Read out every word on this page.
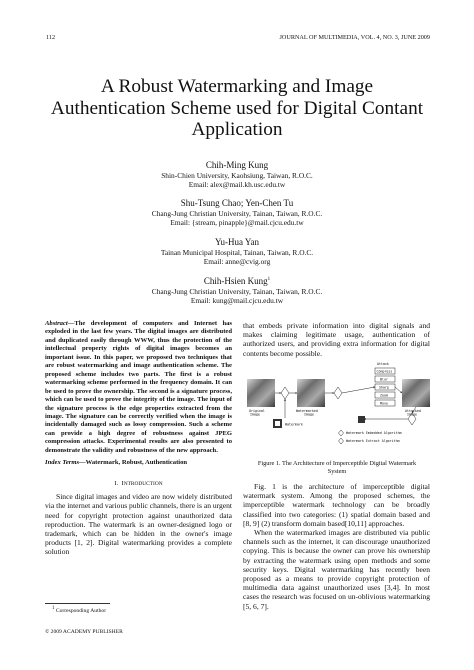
112	JOURNAL OF MULTIMEDIA, VOL. 4, NO. 3, JUNE 2009
A Robust Watermarking and Image
Authentication Scheme used for Digital Contant
Application
Chih-Ming Kung
Shin-Chien University, Kaohsiung, Taiwan, R.O.C.
Email: alex@mail.kh.usc.edu.tw
Shu-Tsung Chao; Yen-Chen Tu
Chang-Jung Christian University, Tainan, Taiwan, R.O.C.
Email: {stream, pinapple}@mail.cjcu.edu.tw
Yu-Hua Yan
Tainan Municipal Hospital, Tainan, Taiwan, R.O.C.
Email: anne@cvig.org
Chih-Hsien Kung$^1$
Chang-Jung Christian University, Tainan, Taiwan, R.O.C.
Email: kung@mail.cjcu.edu.tw

Abstract—The development of computers and Internet has exploded in the last few years. The digital images are distributed and duplicated easily through WWW, thus the protection of the intellectual property rights of digital images becomes an important issue. In this paper, we proposed two techniques that are robust watermarking and image authentication scheme. The proposed scheme includes two parts. The first is a robust watermarking scheme performed in the frequency domain. It can be used to prove the ownership. The second is a signature process, which can be used to prove the integrity of the image. The input of the signature process is the edge properties extracted from the image. The signature can be correctly verified when the image is incidentally damaged such as lossy compression. Such a scheme can provide a high degree of robustness against JPEG compression attacks. Experimental results are also presented to demonstrate the validity and robustness of the new approach.

Index Terms—Watermark, Robust, Authentication

I. INTRODUCTION

Since digital images and video are now widely distributed via the internet and various public channels, there is an urgent need for copyright protection against unauthorized data reproduction. The watermark is an owner-designed logo or trademark, which can be hidden in the owner's image products [1, 2]. Digital watermarking provides a complete solution

$^1$ Corresponding Author
© 2009 ACADEMY PUBLISHER

that embeds private information into digital signals and makes claiming legitimate usage, authentication of authorized users, and providing extra information for digital contents become possible.

Attack
Compress
Blur
Sharp
Zoom
Move
Original Image
Watermarked Image
Attacked Image
Watermark
Watermark Embedded Algorithm
Watermark Extract Algorithm
Figure 1. The Architecture of Imperceptible Digital Watermark
System

Fig. 1 is the architecture of imperceptible digital watermark system. Among the proposed schemes, the imperceptible watermark technology can be broadly classified into two categories: (1) spatial domain based and [8, 9] (2) transform domain based[10,11] approaches.

When the watermarked images are distributed via public channels such as the internet, it can discourage unauthorized copying. This is because the owner can prove his ownership by extracting the watermark using open methods and some security keys. Digital watermarking has recently been proposed as a means to provide copyright protection of multimedia data against unauthorized uses [3,4]. In most cases the research was focused on un-oblivious watermarking [5, 6, 7].
